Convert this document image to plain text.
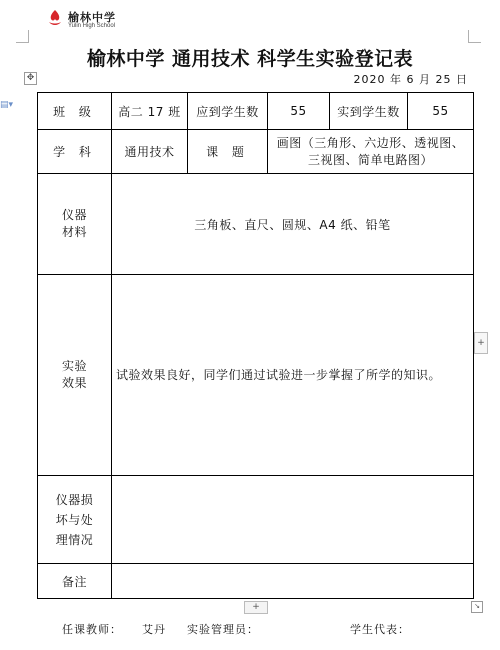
▤▾
榆林中学
Yulin High School
榆林中学 通用技术 科学生实验登记表
✥	2020 年 6 月 25 日
班 级	高二 17 班	应到学生数	55	实到学生数	55
学 科	通用技术	课 题	画图（三角形、六边形、透视图、三视图、简单电路图）		
仪器材料	三角板、直尺、圆规、A4 纸、铅笔				
实验效果	试验效果良好，同学们通过试验进一步掌握了所学的知识。				
仪器损坏与处理情况					
备注					
+
+	↘
任课教师： 艾丹 实验管理员：	学生代表：
